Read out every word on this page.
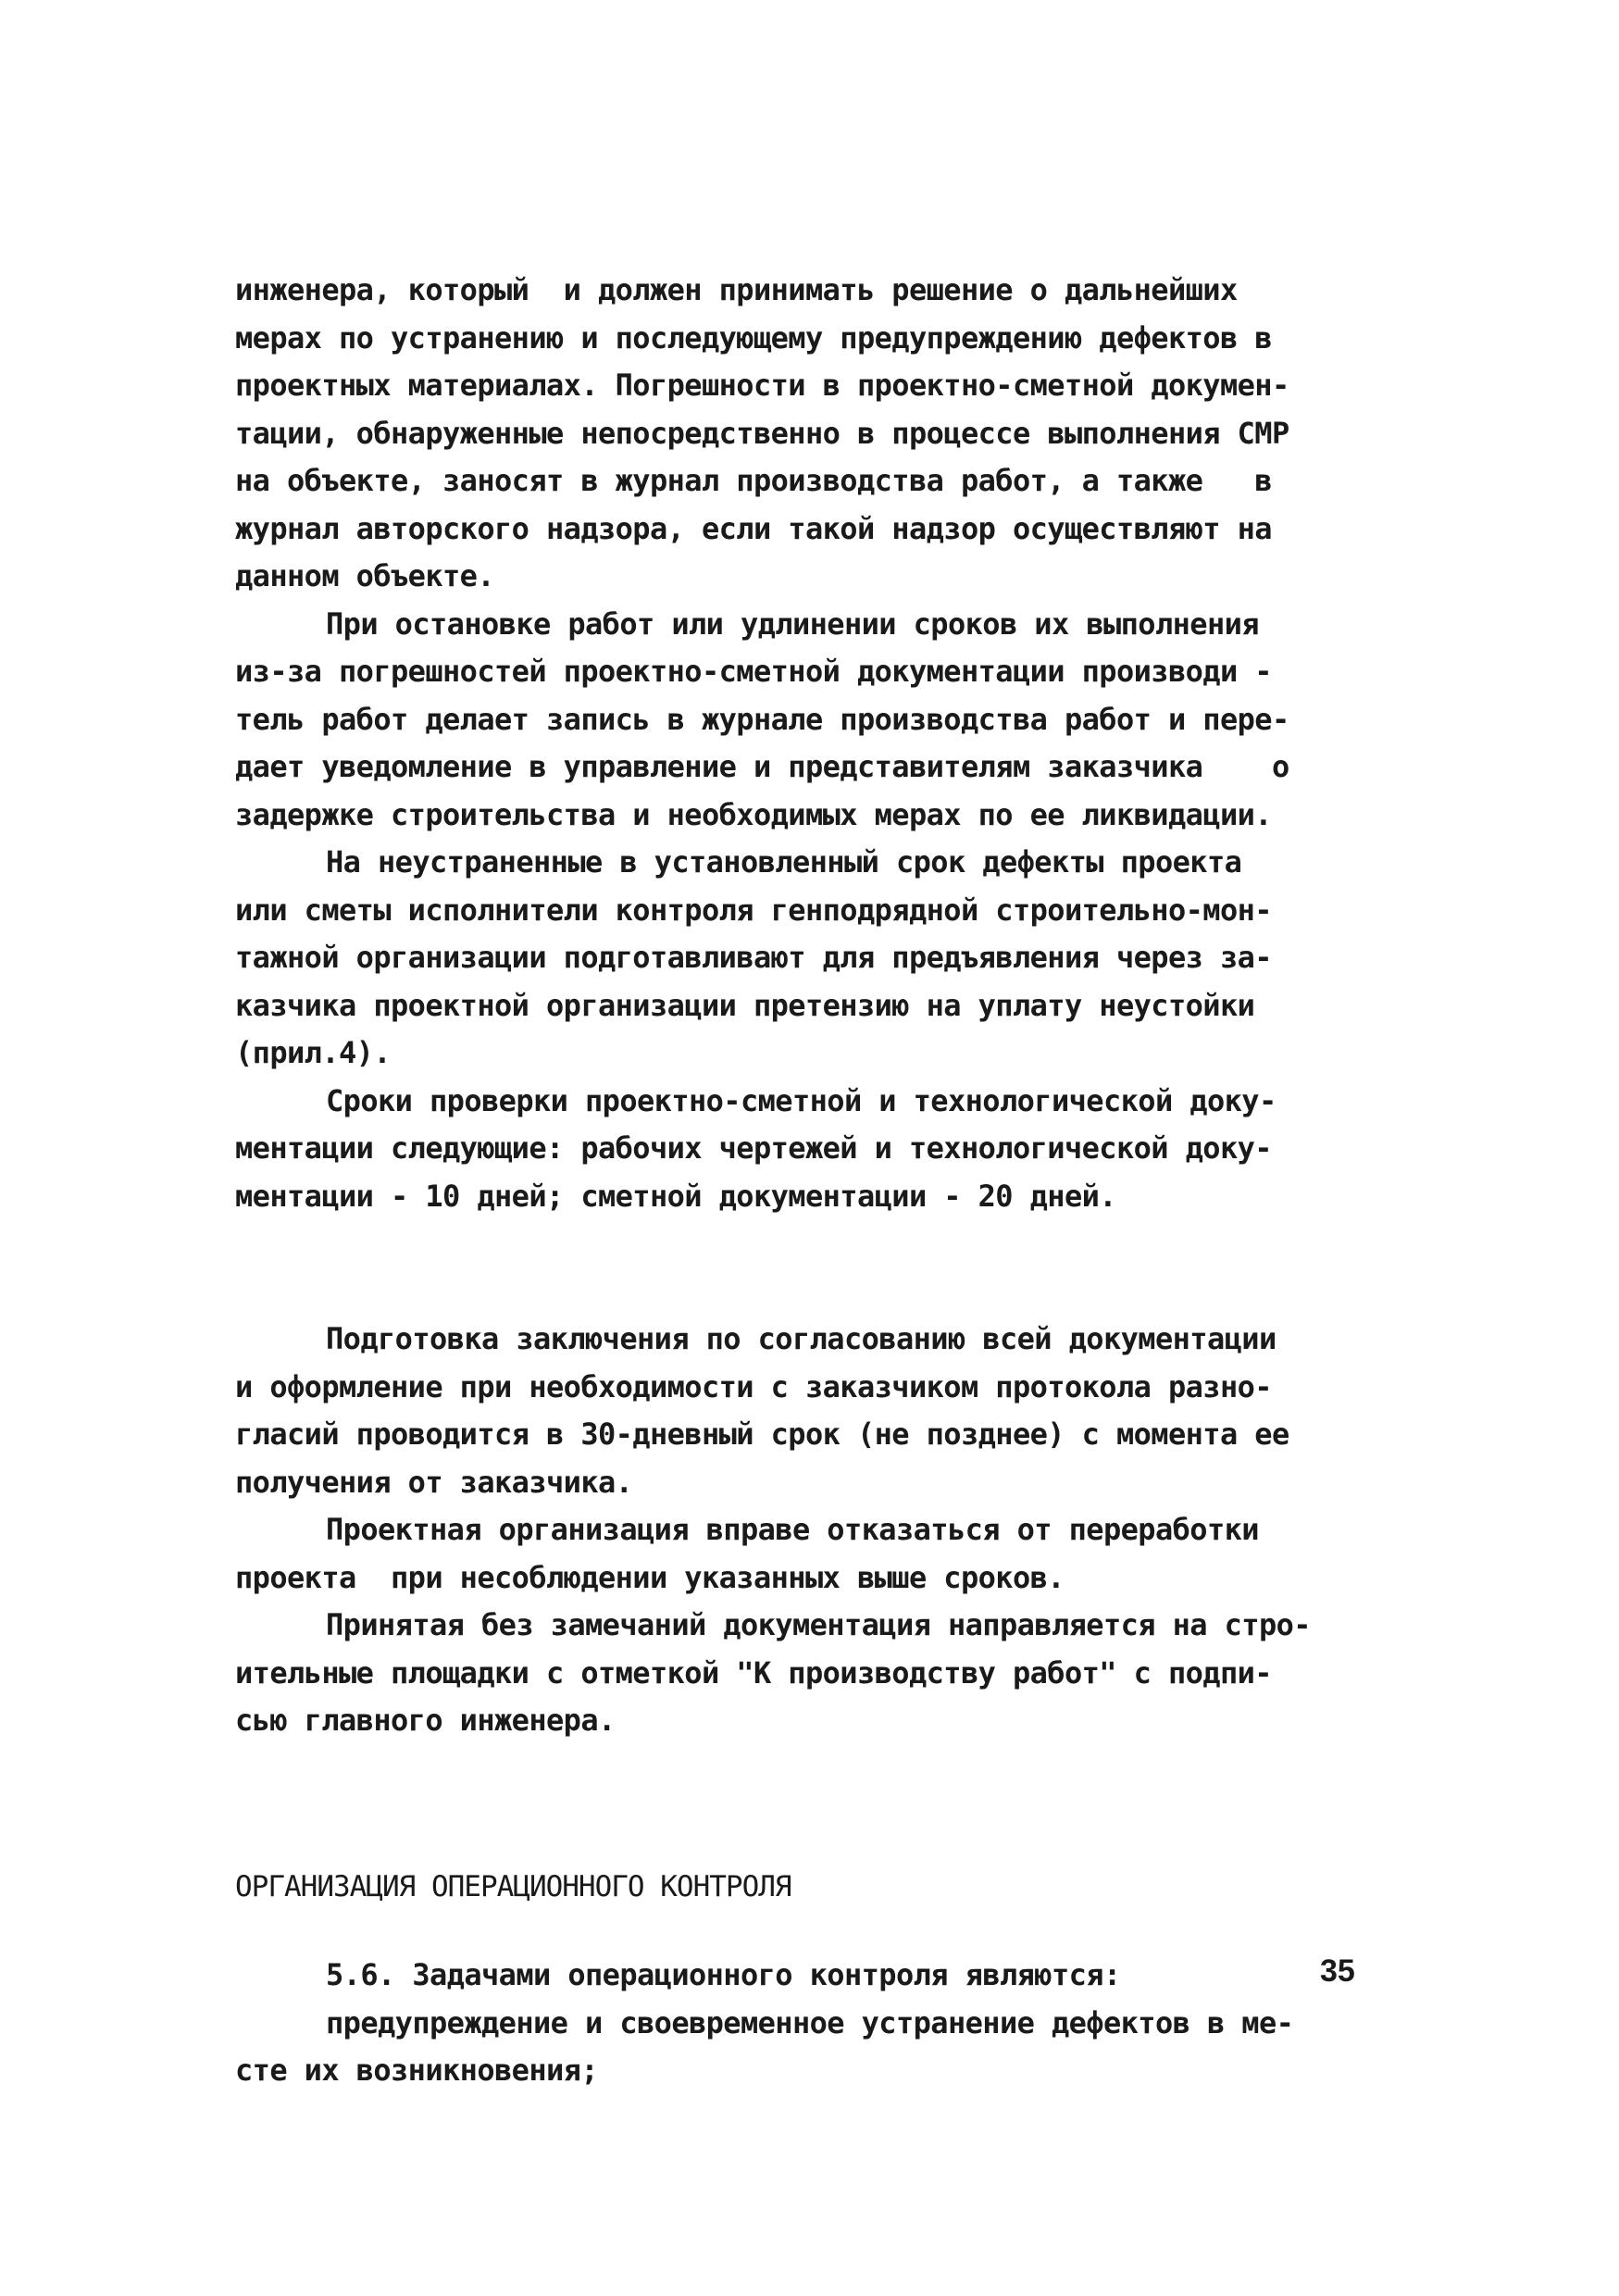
инженера, который  и должен принимать решение о дальнейших
мерах по устранению и последующему предупреждению дефектов в
проектных материалах. Погрешности в проектно-сметной докумен-
тации, обнаруженные непосредственно в процессе выполнения СМР
на объекте, заносят в журнал производства работ, а также   в
журнал авторского надзора, если такой надзор осуществляют на
данном объекте.
При остановке работ или удлинении сроков их выполнения
из-за погрешностей проектно-сметной документации производи -
тель работ делает запись в журнале производства работ и пере-
дает уведомление в управление и представителям заказчика    о
задержке строительства и необходимых мерах по ее ликвидации.
На неустраненные в установленный срок дефекты проекта
или сметы исполнители контроля генподрядной строительно-мон-
тажной организации подготавливают для предъявления через за-
казчика проектной организации претензию на уплату неустойки
(прил.4).
Сроки проверки проектно-сметной и технологической доку-
ментации следующие: рабочих чертежей и технологической доку-
ментации - 10 дней; сметной документации - 20 дней.
Подготовка заключения по согласованию всей документации
и оформление при необходимости с заказчиком протокола разно-
гласий проводится в 30-дневный срок (не позднее) с момента ее
получения от заказчика.
Проектная организация вправе отказаться от переработки
проекта  при несоблюдении указанных выше сроков.
Принятая без замечаний документация направляется на стро-
ительные площадки с отметкой "К производству работ" с подпи-
сью главного инженера.
ОРГАНИЗАЦИЯ ОПЕРАЦИОННОГО КОНТРОЛЯ
5.6. Задачами операционного контроля являются:
предупреждение и своевременное устранение дефектов в ме-
сте их возникновения;
35
